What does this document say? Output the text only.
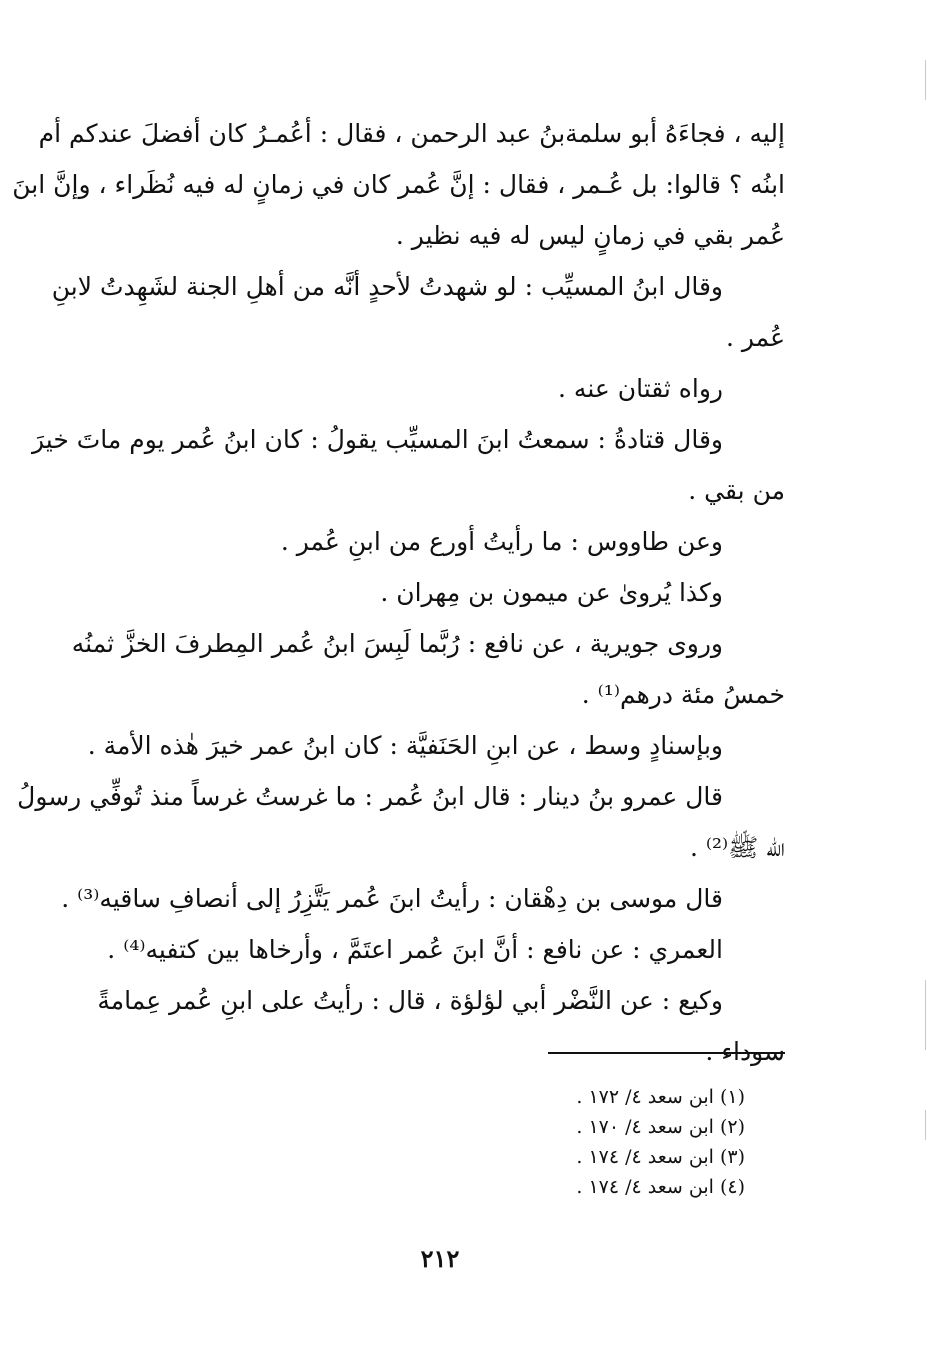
إليه ، فجاءَهُ أبو سلمةبنُ عبد الرحمن ، فقال : أعُمـرُ كان أفضلَ عندكم أم
ابنُه ؟ قالوا: بل عُـمر ، فقال : إنَّ عُمر كان في زمانٍ له فيه نُظَراء ، وإنَّ ابنَ
عُمر بقي في زمانٍ ليس له فيه نظير .
وقال ابنُ المسيِّب : لو شهدتُ لأحدٍ أنَّه من أهلِ الجنة لشَهِدتُ لابنِ
عُمر .
رواه ثقتان عنه .
وقال قتادةُ : سمعتُ ابنَ المسيِّب يقولُ : كان ابنُ عُمر يوم ماتَ خيرَ
من بقي .
وعن طاووس : ما رأيتُ أورع من ابنِ عُمر .
وكذا يُروىٰ عن ميمون بن مِهران .
وروى جويرية ، عن نافع : رُبَّما لَبِسَ ابنُ عُمر المِطرفَ الخزَّ ثمنُه
خمسُ مئة درهم⁽¹⁾ .
وبإسنادٍ وسط ، عن ابنِ الحَنَفيَّة : كان ابنُ عمر خيرَ هٰذه الأمة .
قال عمرو بنُ دينار : قال ابنُ عُمر : ما غرستُ غرساً منذ تُوفِّي رسولُ
الله ﷺ⁽²⁾ .
قال موسى بن دِهْقان : رأيتُ ابنَ عُمر يَتَّزِرُ إلى أنصافِ ساقيه⁽³⁾ .
العمري : عن نافع : أنَّ ابنَ عُمر اعتَمَّ ، وأرخاها بين كتفيه⁽⁴⁾ .
وكيع : عن النَّضْر أبي لؤلؤة ، قال : رأيتُ على ابنِ عُمر عِمامةً
سوداء .
(١) ابن سعد ٤/ ١٧٢ .
(٢) ابن سعد ٤/ ١٧٠ .
(٣) ابن سعد ٤/ ١٧٤ .
(٤) ابن سعد ٤/ ١٧٤ .
٢١٢
